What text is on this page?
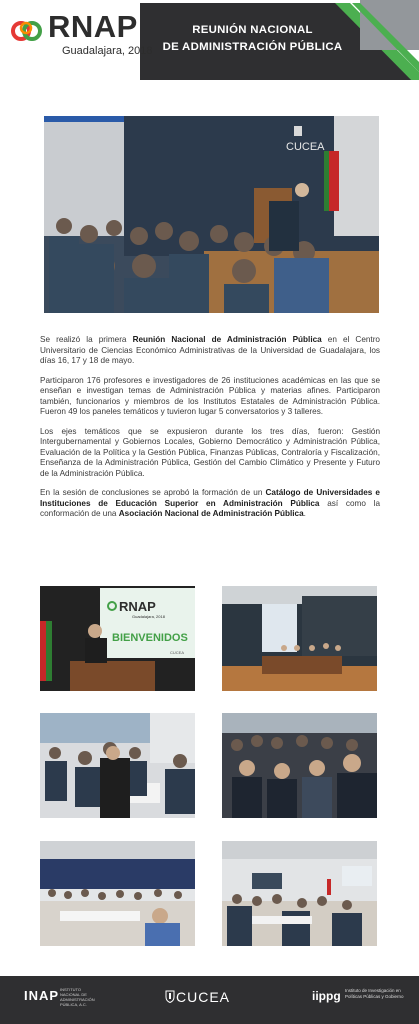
RNAP
Guadalajara, 2018
REUNIÓN NACIONAL
DE ADMINISTRACIÓN PÚBLICA
CUCEA

Se realizó la primera Reunión Nacional de Administración Pública en el Centro Universitario de Ciencias Económico Administrativas de la Universidad de Guadalajara, los días 16, 17 y 18 de mayo.

Participaron 176 profesores e investigadores de 26 instituciones académicas en las que se enseñan e investigan temas de Administración Pública y materias afines. Participaron también, funcionarios y miembros de los Institutos Estatales de Administración Pública. Fueron 49 los paneles temáticos y tuvieron lugar 5 conversatorios y 3 talleres.

Los ejes temáticos que se expusieron durante los tres días, fueron: Gestión Intergubernamental y Gobiernos Locales, Gobierno Democrático y Administración Pública, Evaluación de la Política y la Gestión Pública, Finanzas Públicas, Contraloría y Fiscalización, Enseñanza de la Administración Pública, Gestión del Cambio Climático y Presente y Futuro de la Administración Pública.

En la sesión de conclusiones se aprobó la formación de un Catálogo de Universidades e Instituciones de Educación Superior en Administración Pública así como la conformación de una Asociación Nacional de Administración Pública.

RNAP
Guadalajara, 2018
BIENVENIDOS
CUCEA
INAP INSTITUTO NACIONAL DE ADMINISTRACIÓN PÚBLICA, A.C.	CUCEA	iippg Instituto de Investigación en Políticas Públicas y Gobierno
